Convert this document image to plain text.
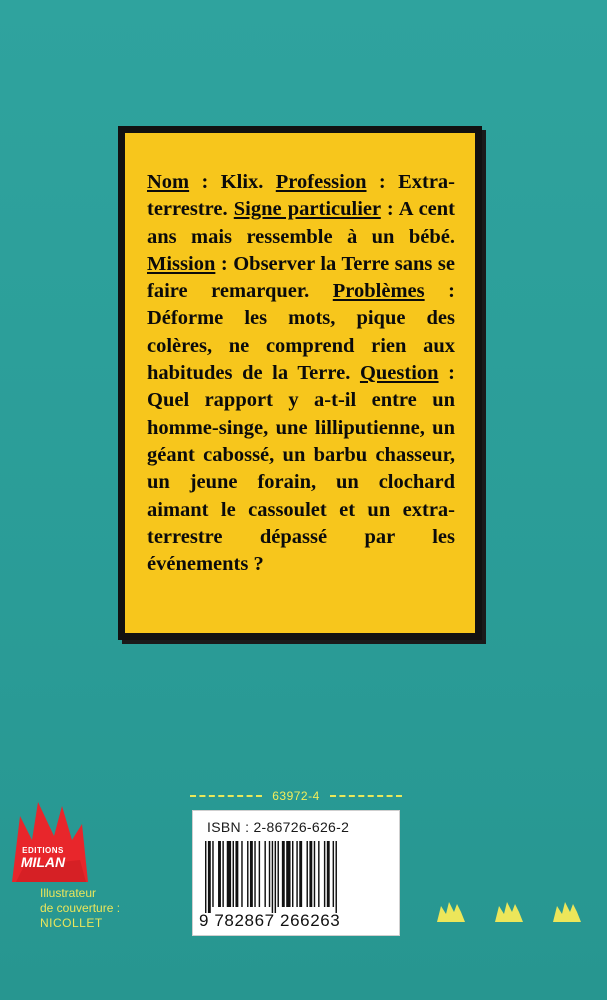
Nom : Klix. Profession : Extra-terrestre. Signe particulier : A cent ans mais ressemble à un bébé. Mission : Observer la Terre sans se faire remarquer. Problèmes : Déforme les mots, pique des colères, ne comprend rien aux habitudes de la Terre. Question : Quel rapport y a-t-il entre un homme-singe, une lilliputienne, un géant cabossé, un barbu chasseur, un jeune forain, un clochard aimant le cassoulet et un extra-terrestre dépassé par les événements ?
63972-4
ISBN : 2-86726-626-2
9 782867 266263
EDITIONS
MILAN
Illustrateur
de couverture :
NICOLLET
